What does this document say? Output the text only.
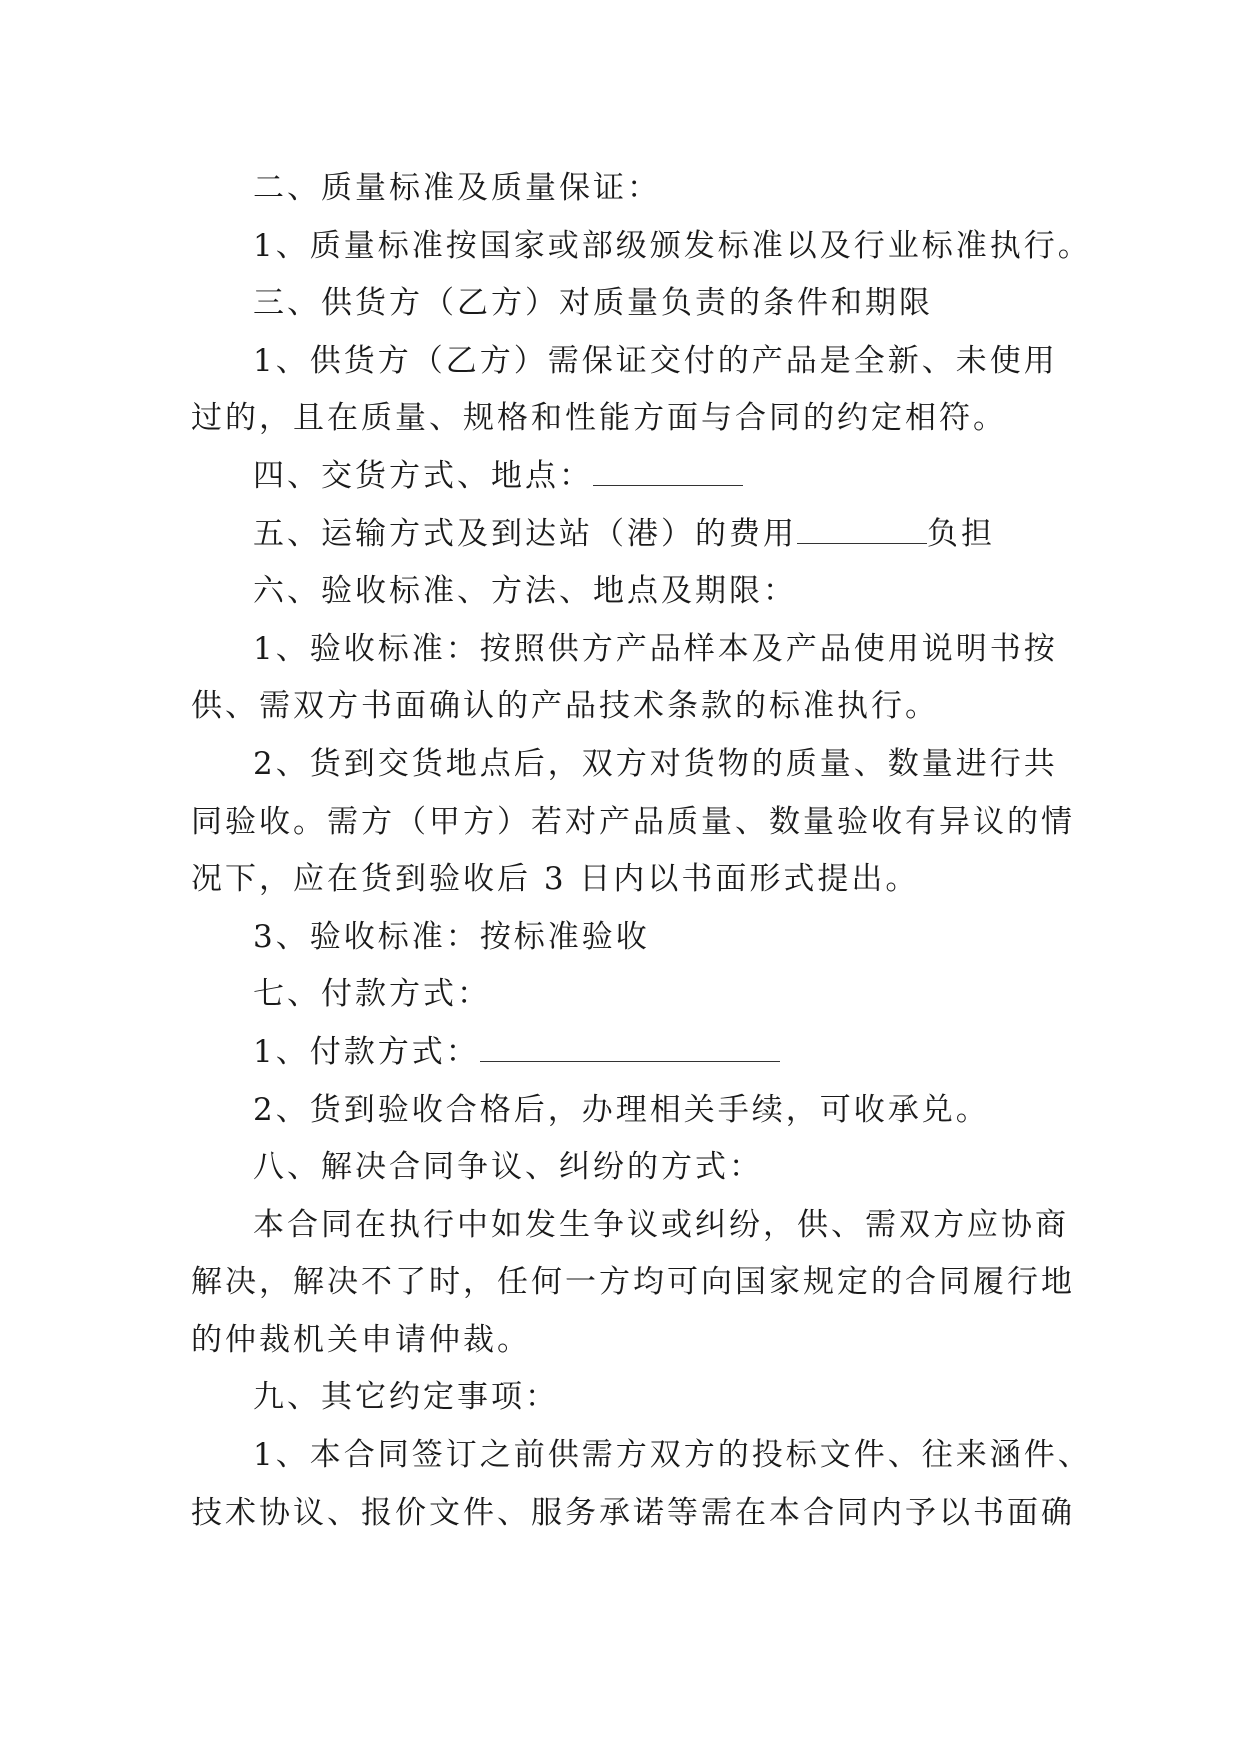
二、质量标准及质量保证：
1、质量标准按国家或部级颁发标准以及行业标准执行。
三、供货方（乙方）对质量负责的条件和期限
1、供货方（乙方）需保证交付的产品是全新、未使用
过的，且在质量、规格和性能方面与合同的约定相符。
四、交货方式、地点：
五、运输方式及到达站（港）的费用	负担
六、验收标准、方法、地点及期限：
1、验收标准：按照供方产品样本及产品使用说明书按
供、需双方书面确认的产品技术条款的标准执行。
2、货到交货地点后，双方对货物的质量、数量进行共
同验收。需方（甲方）若对产品质量、数量验收有异议的情
况下，应在货到验收后 3 日内以书面形式提出。
3、验收标准：按标准验收
七、付款方式：
1、付款方式：
2、货到验收合格后，办理相关手续，可收承兑。
八、解决合同争议、纠纷的方式：
本合同在执行中如发生争议或纠纷，供、需双方应协商
解决，解决不了时，任何一方均可向国家规定的合同履行地
的仲裁机关申请仲裁。
九、其它约定事项：
1、本合同签订之前供需方双方的投标文件、往来涵件、
技术协议、报价文件、服务承诺等需在本合同内予以书面确
